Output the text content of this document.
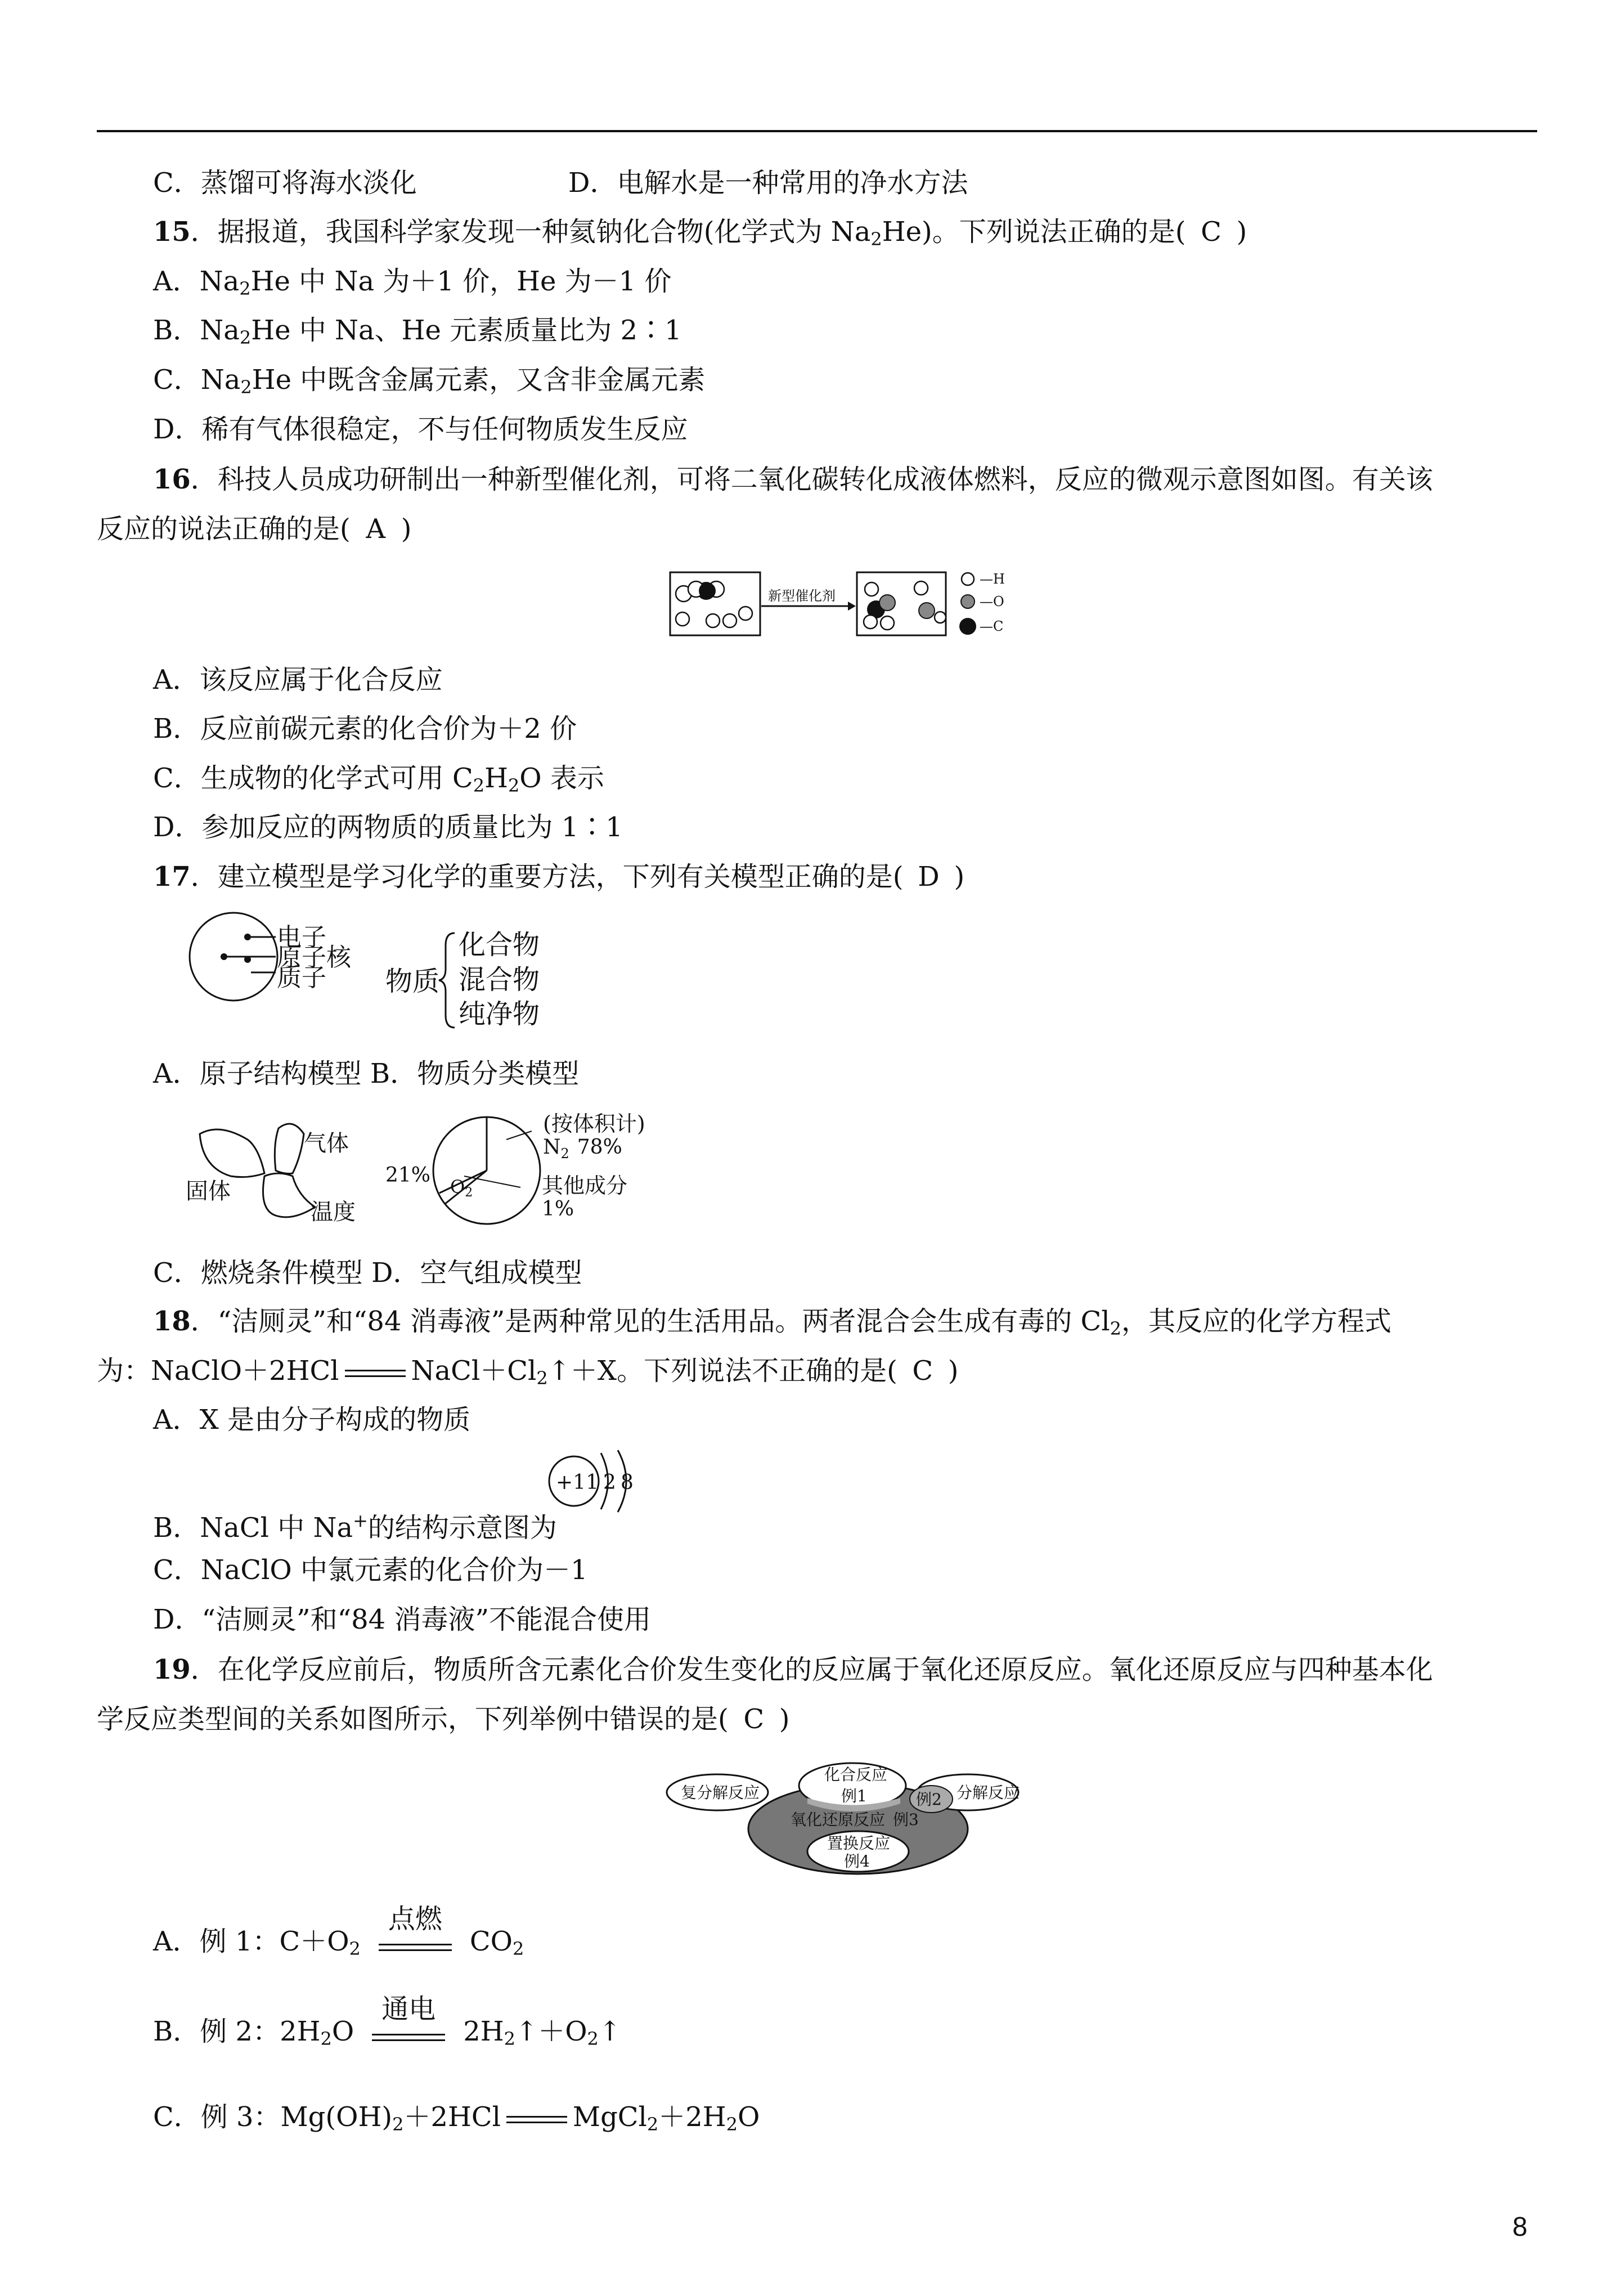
C．蒸馏可将海水淡化	D．电解水是一种常用的净水方法
15．据报道，我国科学家发现一种氦钠化合物(化学式为 $Na_2He$)。下列说法正确的是( C )
A．$Na_2He$ 中 Na 为＋1 价，He 为－1 价
B．$Na_2He$ 中 Na、He 元素质量比为 2∶1
C．$Na_2He$ 中既含金属元素，又含非金属元素
D．稀有气体很稳定，不与任何物质发生反应
16．科技人员成功研制出一种新型催化剂，可将二氧化碳转化成液体燃料，反应的微观示意图如图。有关该
反应的说法正确的是( A )
新型催化剂
—H
—O
—C
A．该反应属于化合反应
B．反应前碳元素的化合价为＋2 价
C．生成物的化学式可用 $C_2H_2O$ 表示
D．参加反应的两物质的质量比为 1∶1
17．建立模型是学习化学的重要方法，下列有关模型正确的是( D )
电子
原子核
质子 物质
化合物
混合物
纯净物
A．原子结构模型 B．物质分类模型
气体
固体
温度
(按体积计)
$N_2$ 78%
21% O2	其他成分
1%
C．燃烧条件模型 D．空气组成模型
18．“洁厕灵”和“84 消毒液”是两种常见的生活用品。两者混合会生成有毒的 $Cl_2$，其反应的化学方程式
为：NaClO＋2HCl	$NaCl+Cl_2↑+X$。下列说法不正确的是( C )
A．X 是由分子构成的物质
+11 2 8
B．NaCl 中 Na+的结构示意图为
C．NaClO 中氯元素的化合价为－1
D．“洁厕灵”和“84 消毒液”不能混合使用
19．在化学反应前后，物质所含元素化合价发生变化的反应属于氧化还原反应。氧化还原反应与四种基本化
学反应类型间的关系如图所示，下列举例中错误的是( C )
复分解反应
化合反应
例1	例2 分解反应
氧化还原反应 例3
置换反应
例4
A．例 1：$C+O_2$
点燃
$CO_2$
B．例 2：$2H_2O$
通电
$2H_2↑+O_2↑$
C．例 3：$Mg(OH)_2+2HCl$	$MgCl_2+2H_2O$
8
